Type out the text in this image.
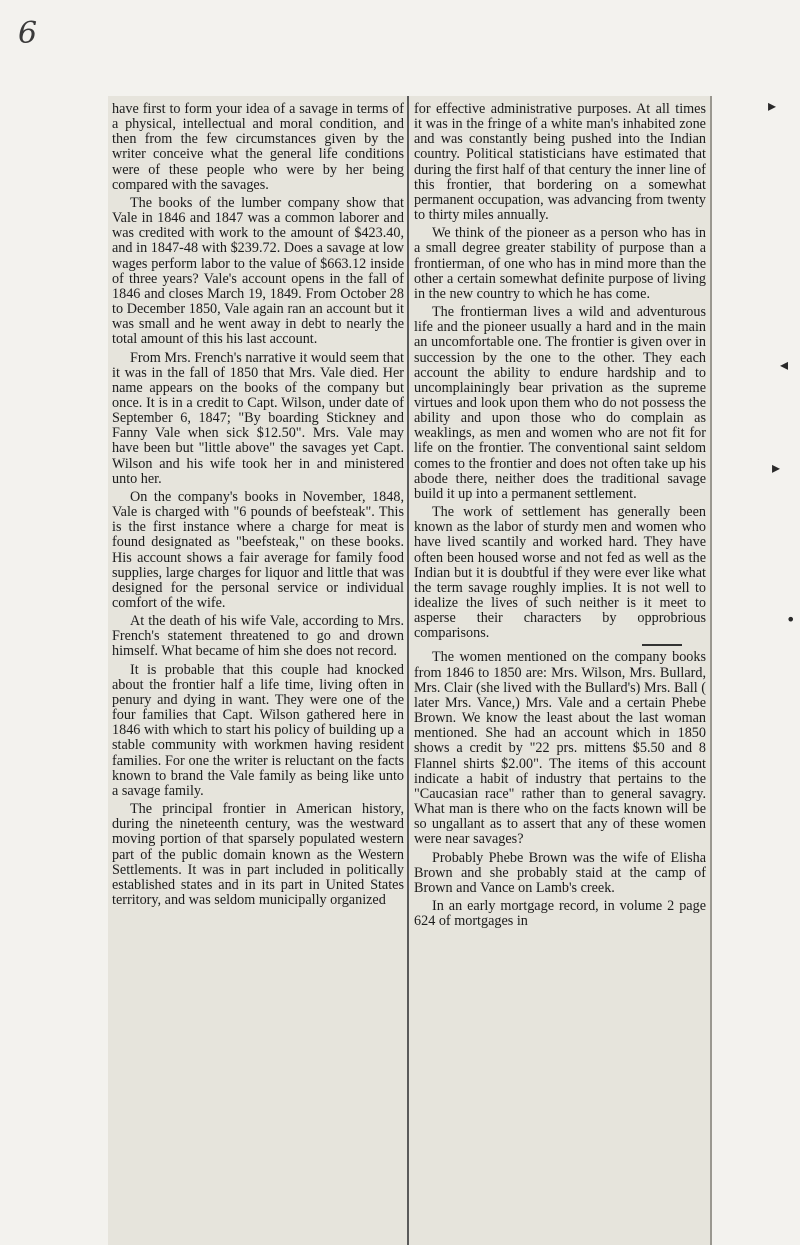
6

have first to form your idea of a savage in terms of a physical, intellectual and moral condition, and then from the few circumstances given by the writer conceive what the general life conditions were of these people who were by her being compared with the savages.

The books of the lumber company show that Vale in 1846 and 1847 was a common laborer and was credited with work to the amount of $423.40, and in 1847-48 with $239.72. Does a savage at low wages perform labor to the value of $663.12 inside of three years? Vale's account opens in the fall of 1846 and closes March 19, 1849. From October 28 to December 1850, Vale again ran an account but it was small and he went away in debt to nearly the total amount of this his last account.

From Mrs. French's narrative it would seem that it was in the fall of 1850 that Mrs. Vale died. Her name appears on the books of the company but once. It is in a credit to Capt. Wilson, under date of September 6, 1847; "By boarding Stickney and Fanny Vale when sick $12.50". Mrs. Vale may have been but "little above" the savages yet Capt. Wilson and his wife took her in and ministered unto her.

On the company's books in November, 1848, Vale is charged with "6 pounds of beefsteak". This is the first instance where a charge for meat is found designated as "beefsteak," on these books. His account shows a fair average for family food supplies, large charges for liquor and little that was designed for the personal service or individual comfort of the wife.

At the death of his wife Vale, according to Mrs. French's statement threatened to go and drown himself. What became of him she does not record.

It is probable that this couple had knocked about the frontier half a life time, living often in penury and dying in want. They were one of the four families that Capt. Wilson gathered here in 1846 with which to start his policy of building up a stable community with workmen having resident families. For one the writer is reluctant on the facts known to brand the Vale family as being like unto a savage family.

The principal frontier in American history, during the nineteenth century, was the westward moving portion of that sparsely populated western part of the public domain known as the Western Settlements. It was in part included in politically established states and in its part in United States territory, and was seldom municipally organized

for effective administrative purposes. At all times it was in the fringe of a white man's inhabited zone and was constantly being pushed into the Indian country. Political statisticians have estimated that during the first half of that century the inner line of this frontier, that bordering on a somewhat permanent occupation, was advancing from twenty to thirty miles annually.

We think of the pioneer as a person who has in a small degree greater stability of purpose than a frontierman, of one who has in mind more than the other a certain somewhat definite purpose of living in the new country to which he has come.

The frontierman lives a wild and adventurous life and the pioneer usually a hard and in the main an uncomfortable one. The frontier is given over in succession by the one to the other. They each account the ability to endure hardship and to uncomplainingly bear privation as the supreme virtues and look upon them who do not possess the ability and upon those who do complain as weaklings, as men and women who are not fit for life on the frontier. The conventional saint seldom comes to the frontier and does not often take up his abode there, neither does the traditional savage build it up into a permanent settlement.

The work of settlement has generally been known as the labor of sturdy men and women who have lived scantily and worked hard. They have often been housed worse and not fed as well as the Indian but it is doubtful if they were ever like what the term savage roughly implies. It is not well to idealize the lives of such neither is it meet to asperse their characters by opprobrious comparisons.

The women mentioned on the company books from 1846 to 1850 are: Mrs. Wilson, Mrs. Bullard, Mrs. Clair (she lived with the Bullard's) Mrs. Ball ( later Mrs. Vance,) Mrs. Vale and a certain Phebe Brown. We know the least about the last woman mentioned. She had an account which in 1850 shows a credit by "22 prs. mittens $5.50 and 8 Flannel shirts $2.00". The items of this account indicate a habit of industry that pertains to the "Caucasian race" rather than to general savagry. What man is there who on the facts known will be so ungallant as to assert that any of these women were near savages?

Probably Phebe Brown was the wife of Elisha Brown and she probably staid at the camp of Brown and Vance on Lamb's creek.

In an early mortgage record, in volume 2 page 624 of mortgages in

▸
◂
▸
•
